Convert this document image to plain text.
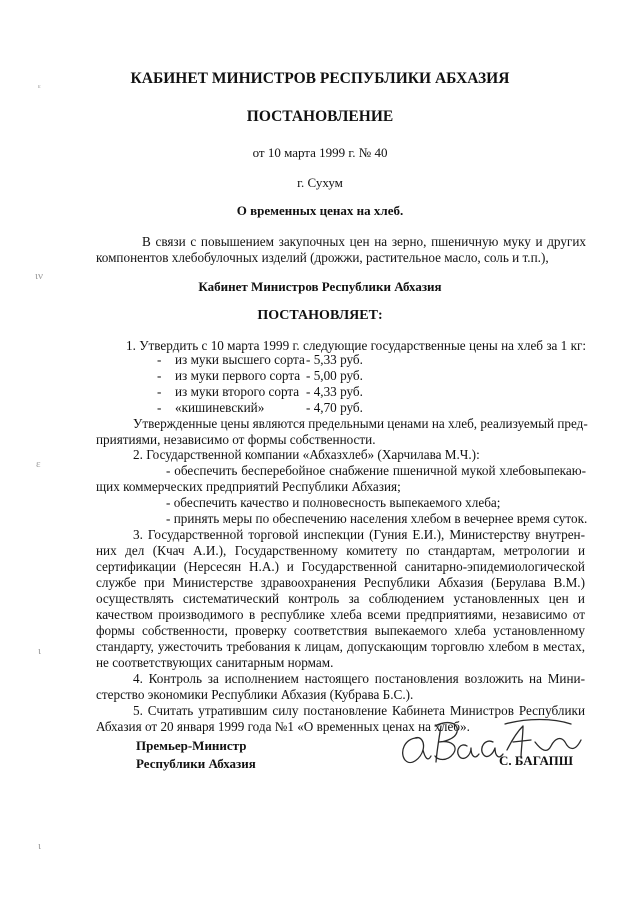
ᵋ
ιν
ε
ι
ι
КАБИНЕТ МИНИСТРОВ РЕСПУБЛИКИ АБХАЗИЯ
ПОСТАНОВЛЕНИЕ
от 10 марта 1999 г. № 40
г. Сухум
О временных ценах на хлеб.
В связи с повышением закупочных цен на зерно, пшеничную муку и других
компонентов хлебобулочных изделий (дрожжи, растительное масло, соль и т.п.),
Кабинет Министров Республики Абхазия
ПОСТАНОВЛЯЕТ:
1. Утвердить с 10 марта 1999 г. следующие государственные цены на хлеб за 1 кг:
- из муки высшего сорта - 5,33 руб.
- из муки первого сорта - 5,00 руб.
- из муки второго сорта - 4,33 руб.
- «кишиневский»	- 4,70 руб.
Утвержденные цены являются предельными ценами на хлеб, реализуемый пред-
приятиями, независимо от формы собственности.
2. Государственной компании «Абхазхлеб» (Харчилава М.Ч.):
- обеспечить бесперебойное снабжение пшеничной мукой хлебовыпекаю-
щих коммерческих предприятий Республики Абхазия;
- обеспечить качество и полновесность выпекаемого хлеба;
- принять меры по обеспечению населения хлебом в вечернее время суток.
3. Государственной торговой инспекции (Гуния Е.И.), Министерству внутрен-
них дел (Кчач А.И.), Государственному комитету по стандартам, метрологии и
сертификации (Нерсесян Н.А.) и Государственной санитарно-эпидемиологической
службе при Министерстве здравоохранения Республики Абхазия (Берулава В.М.)
осуществлять систематический контроль за соблюдением установленных цен и
качеством производимого в республике хлеба всеми предприятиями, независимо от
формы собственности, проверку соответствия выпекаемого хлеба установленному
стандарту, ужесточить требования к лицам, допускающим торговлю хлебом в местах,
не соответствующих санитарным нормам.
4. Контроль за исполнением настоящего постановления возложить на Мини-
стерство экономики Республики Абхазия (Кубрава Б.С.).
5. Считать утратившим силу постановление Кабинета Министров Республики
Абхазия от 20 января 1999 года №1 «О временных ценах на хлеб».
Премьер-Министр
Республики Абхазия	С. БАГАПШ
